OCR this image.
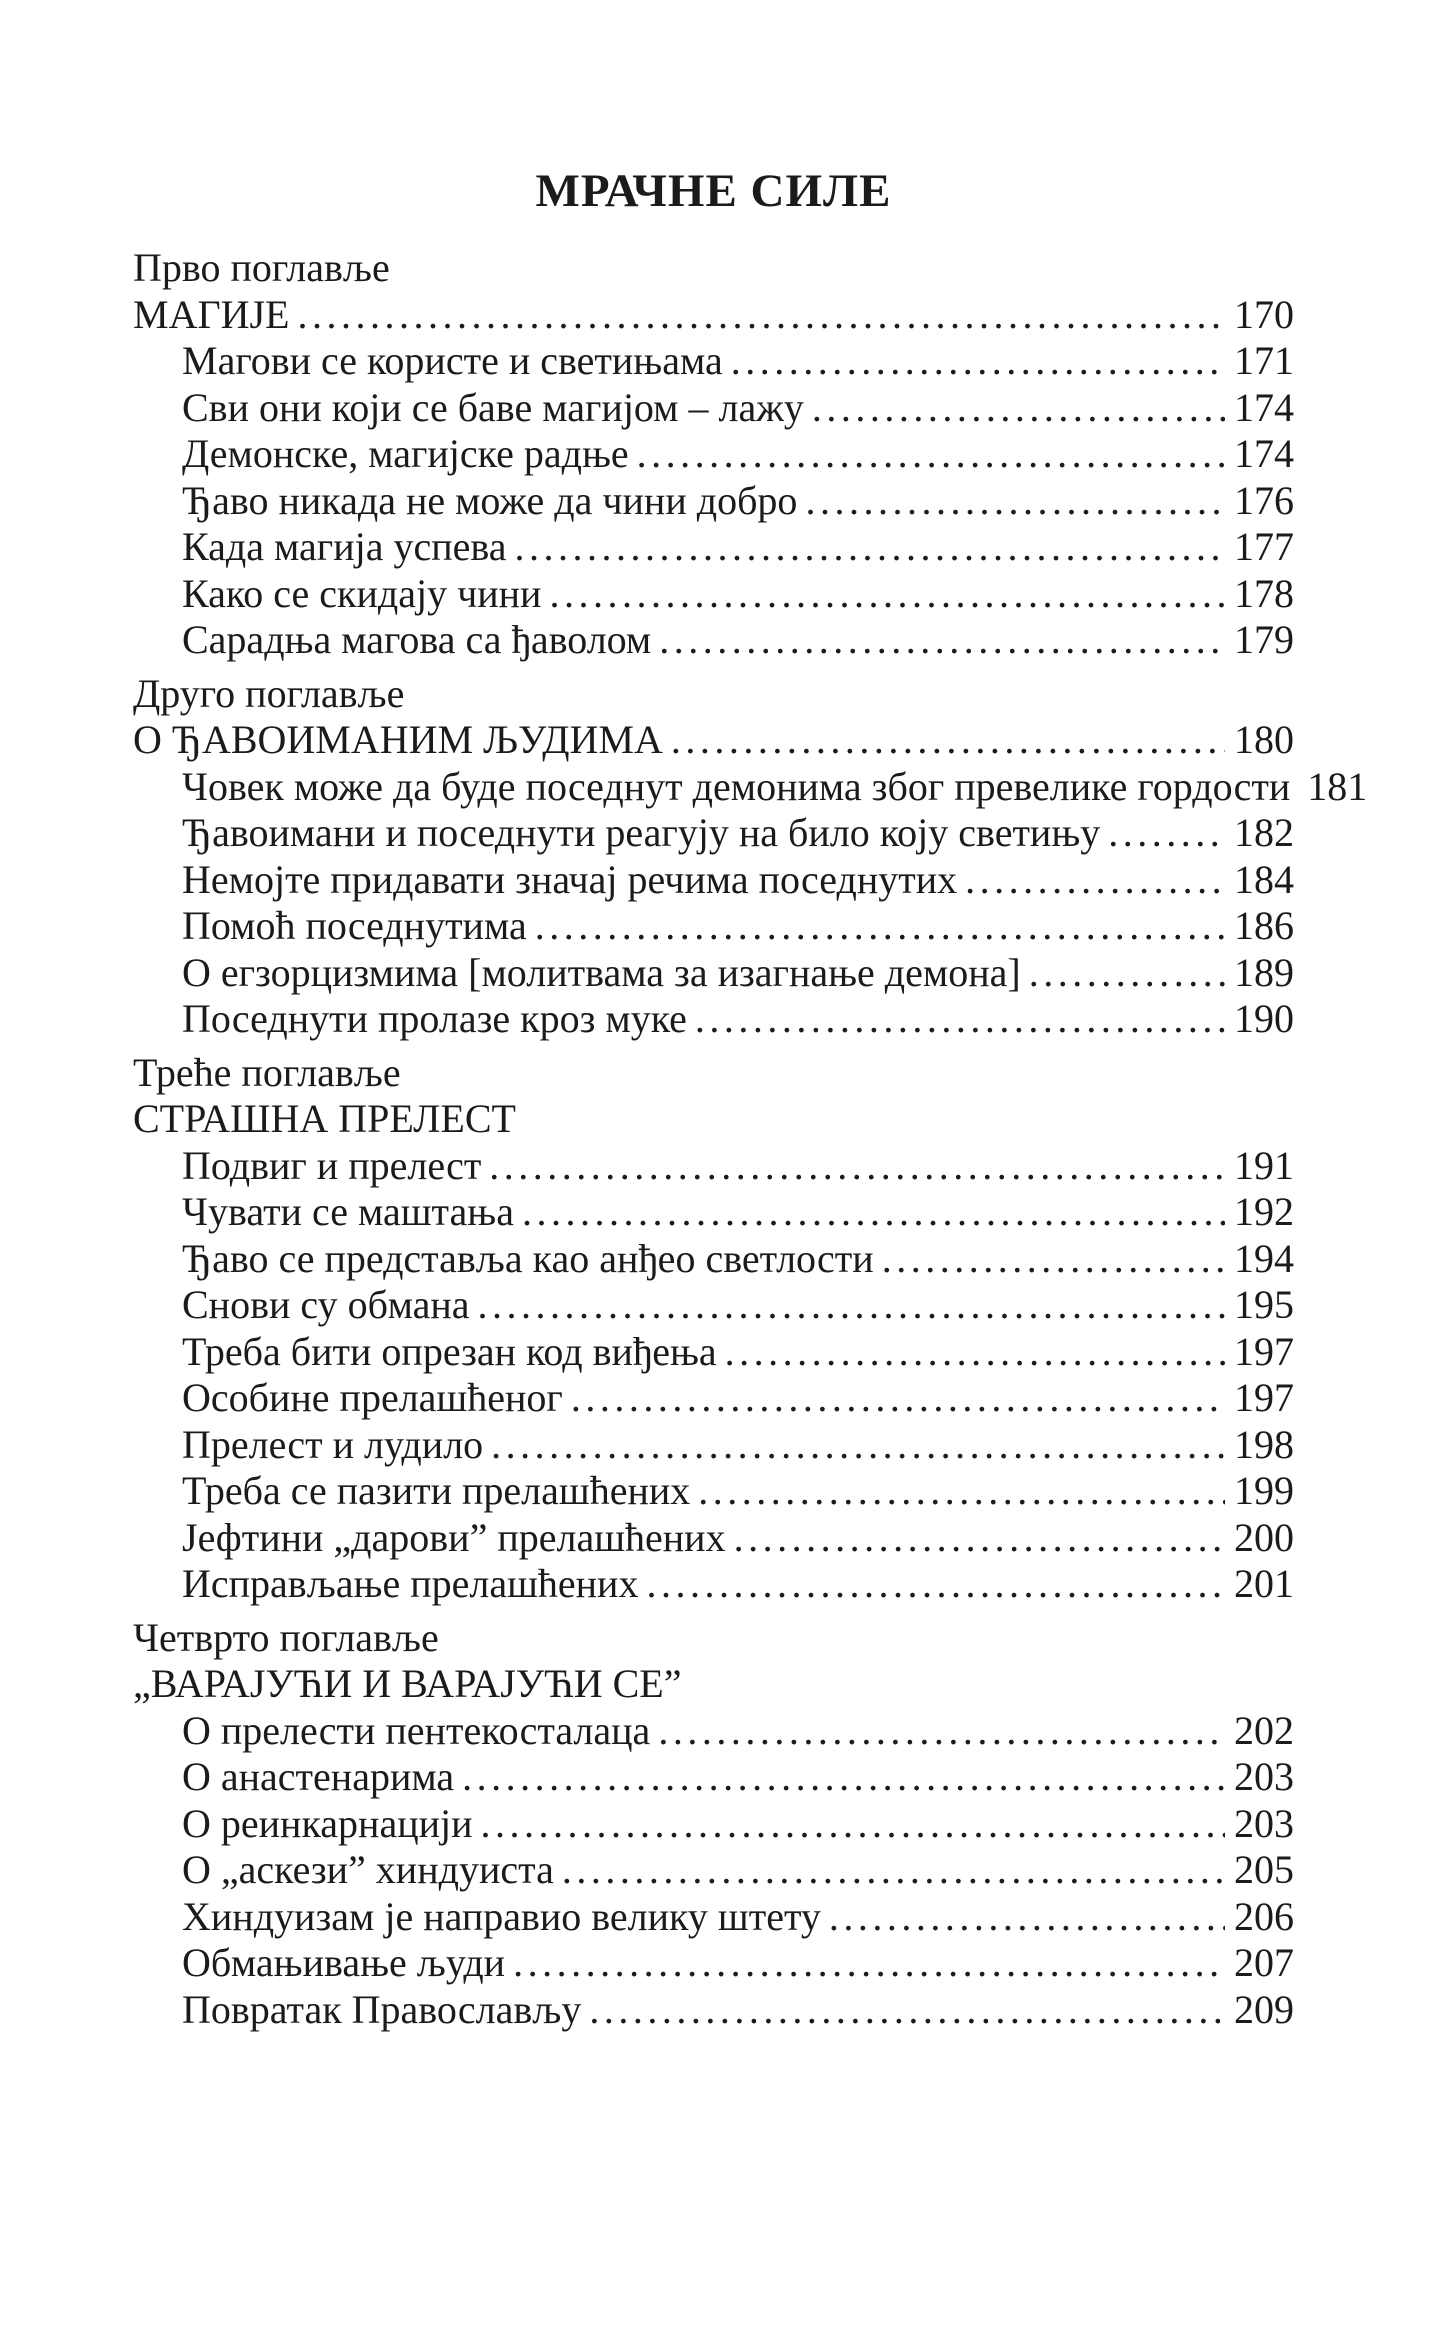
МРАЧНЕ СИЛЕ
Прво поглавље
МАГИЈЕ .....	170
Магови се користе и светињама .....	171
Сви они који се баве магијом – лажу .....	174
Демонске, магијске радње .....	174
Ђаво никада не може да чини добро .....	176
Када магија успева .....	177
Како се скидају чини .....	178
Сарадња магова са ђаволом .....	179
Друго поглавље
О ЂАВОИМАНИМ ЉУДИМА .....	180
Човек може да буде поседнут демонима због превелике гордости 181
Ђавоимани и поседнути реагују на било коју светињу .....	182
Немојте придавати значај речима поседнутих .....	184
Помоћ поседнутима .....	186
О егзорцизмима [молитвама за изагнање демона] .....	189
Поседнути пролазе кроз муке .....	190
Треће поглавље
СТРАШНА ПРЕЛЕСТ
Подвиг и прелест .....	191
Чувати се маштања .....	192
Ђаво се представља као анђео светлости .....	194
Снови су обмана .....	195
Треба бити опрезан код виђења .....	197
Особине прелашћеног .....	197
Прелест и лудило .....	198
Треба се пазити прелашћених .....	199
Јефтини „дарови” прелашћених .....	200
Исправљање прелашћених .....	201
Четврто поглавље
„ВАРАЈУЋИ И ВАРАЈУЋИ СЕ”
О прелести пентекосталаца .....	202
О анастенарима .....	203
О реинкарнацији .....	203
О „аскези” хиндуиста .....	205
Хиндуизам је направио велику штету .....	206
Обмањивање људи .....	207
Повратак Православљу .....	209
